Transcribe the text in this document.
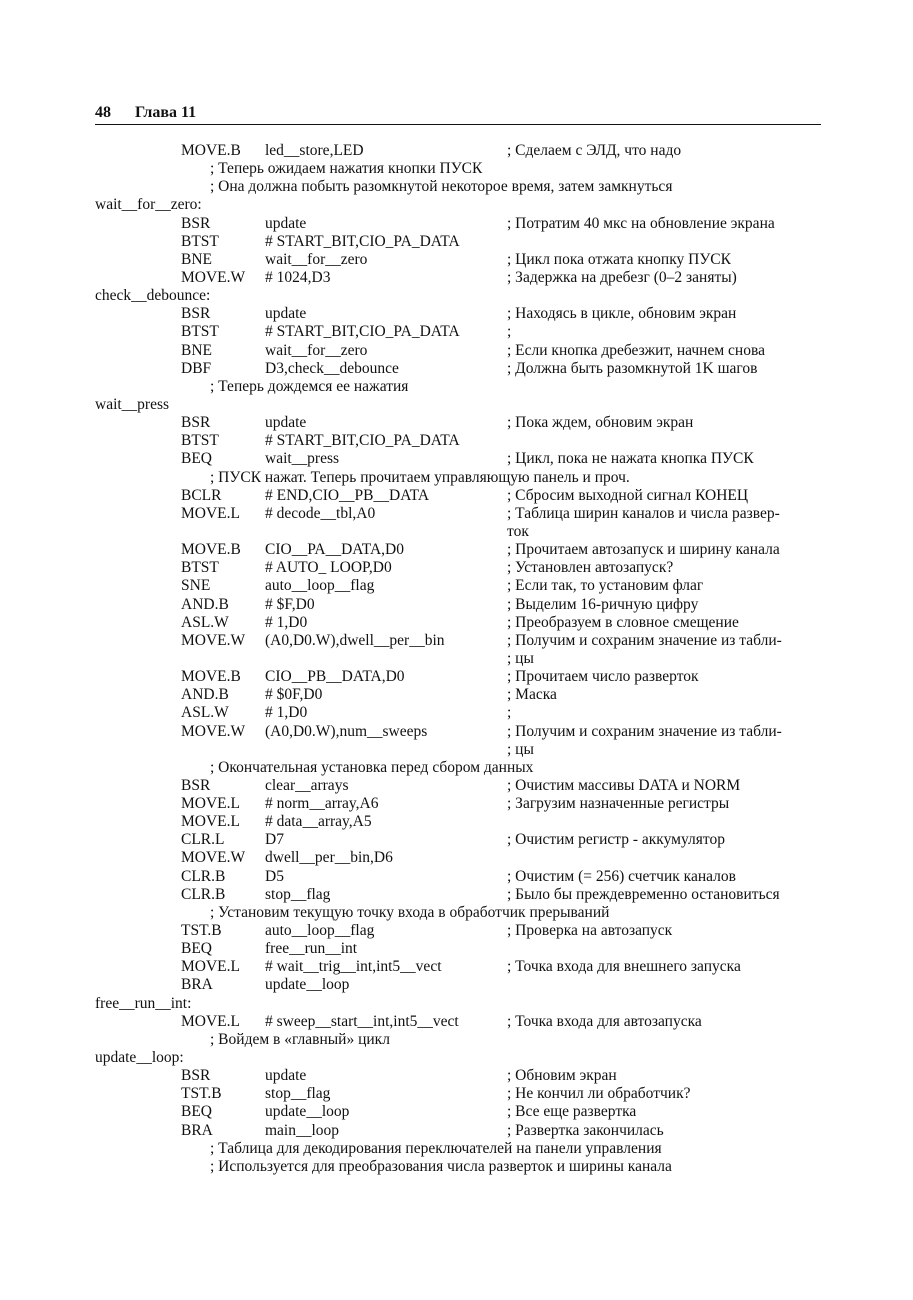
48 Глава 11
MOVE.B led__store,LED	; Сделаем с ЭЛД, что надо
; Теперь ожидаем нажатия кнопки ПУСК
; Она должна побыть разомкнутой некоторое время, затем замкнуться
wait__for__zero:
BSR	update	; Потратим 40 мкс на обновление экрана
BTST	# START_BIT,CIO_PA_DATA
BNE	wait__for__zero	; Цикл пока отжата кнопку ПУСК
MOVE.W # 1024,D3	; Задержка на дребезг (0–2 заняты)
check__debounce:
BSR	update	; Находясь в цикле, обновим экран
BTST	# START_BIT,CIO_PA_DATA	;
BNE	wait__for__zero	; Если кнопка дребезжит, начнем снова
DBF	D3,check__debounce	; Должна быть разомкнутой 1K шагов
; Теперь дождемся ее нажатия
wait__press
BSR	update	; Пока ждем, обновим экран
BTST	# START_BIT,CIO_PA_DATA
BEQ	wait__press	; Цикл, пока не нажата кнопка ПУСК
; ПУСК нажат. Теперь прочитаем управляющую панель и проч.
BCLR	# END,CIO__PB__DATA	; Сбросим выходной сигнал КОНЕЦ
MOVE.L # decode__tbl,A0	; Таблица ширин каналов и числа развер-
ток
MOVE.B CIO__PA__DATA,D0	; Прочитаем автозапуск и ширину канала
BTST	# AUTO_ LOOP,D0	; Установлен автозапуск?
SNE	auto__loop__flag	; Если так, то установим флаг
AND.B # $F,D0	; Выделим 16-ричную цифру
ASL.W # 1,D0	; Преобразуем в словное смещение
MOVE.W (A0,D0.W),dwell__per__bin	; Получим и сохраним значение из табли-
; цы
MOVE.B CIO__PB__DATA,D0	; Прочитаем число разверток
AND.B # $0F,D0	; Маска
ASL.W # 1,D0	;
MOVE.W (A0,D0.W),num__sweeps	; Получим и сохраним значение из табли-
; цы
; Окончательная установка перед сбором данных
BSR	clear__arrays	; Очистим массивы DATA и NORM
MOVE.L # norm__array,A6	; Загрузим назначенные регистры
MOVE.L # data__array,A5
CLR.L	D7	; Очистим регистр - аккумулятор
MOVE.W dwell__per__bin,D6
CLR.B	D5	; Очистим (= 256) счетчик каналов
CLR.B	stop__flag	; Было бы преждевременно остановиться
; Установим текущую точку входа в обработчик прерываний
TST.B	auto__loop__flag	; Проверка на автозапуск
BEQ	free__run__int
MOVE.L # wait__trig__int,int5__vect	; Точка входа для внешнего запуска
BRA	update__loop
free__run__int:
MOVE.L # sweep__start__int,int5__vect	; Точка входа для автозапуска
; Войдем в «главный» цикл
update__loop:
BSR	update	; Обновим экран
TST.B	stop__flag	; Не кончил ли обработчик?
BEQ	update__loop	; Все еще развертка
BRA	main__loop	; Развертка закончилась
; Таблица для декодирования переключателей на панели управления
; Используется для преобразования числа разверток и ширины канала
